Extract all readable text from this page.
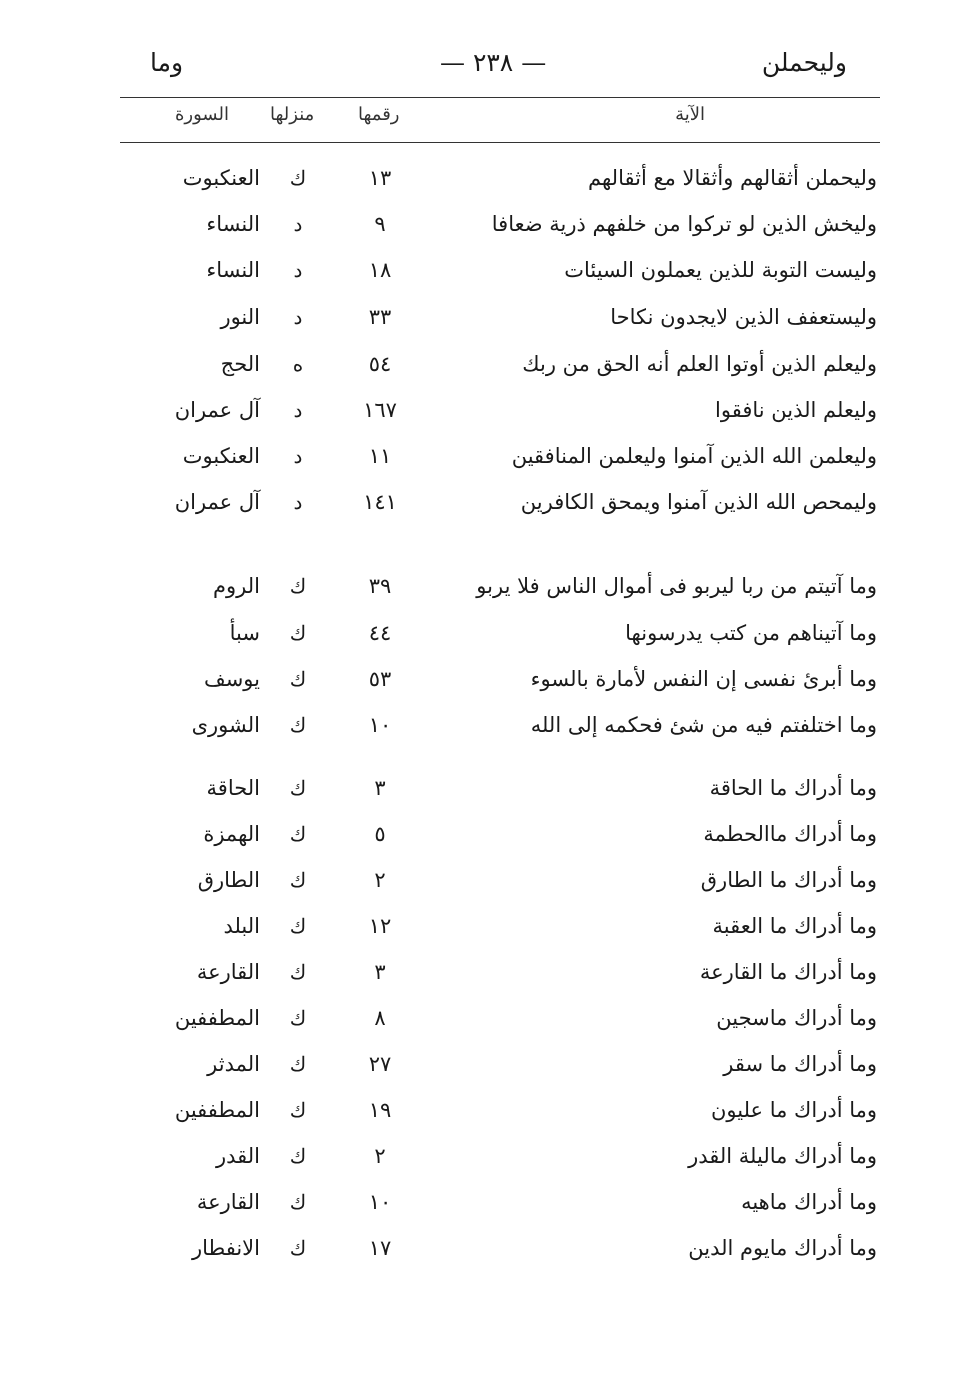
وليحملن
— ٢٣٨ —
وما
الآية
رقمها
منزلها
السورة
وليحملن أثقالهم وأثقالا مع أثقالهم
١٣
ك
العنكبوت
وليخش الذين لو تركوا من خلفهم ذرية ضعافا
٩
د
النساء
وليست التوبة للذين يعملون السيئات
١٨
د
النساء
وليستعفف الذين لايجدون نكاحا
٣٣
د
النور
وليعلم الذين أوتوا العلم أنه الحق من ربك
٥٤
ه
الحج
وليعلم الذين نافقوا
١٦٧
د
آل عمران
وليعلمن الله الذين آمنوا وليعلمن المنافقين
١١
د
العنكبوت
وليمحص الله الذين آمنوا ويمحق الكافرين
١٤١
د
آل عمران
وما آتيتم من ربا ليربو فى أموال الناس فلا يربو
٣٩
ك
الروم
وما آتيناهم من كتب يدرسونها
٤٤
ك
سبأ
وما أبرئ نفسى إن النفس لأمارة بالسوء
٥٣
ك
يوسف
وما اختلفتم فيه من شئ فحكمه إلى الله
١٠
ك
الشورى
وما أدراك ما الحاقة
٣
ك
الحاقة
وما أدراك ماالحطمة
٥
ك
الهمزة
وما أدراك ما الطارق
٢
ك
الطارق
وما أدراك ما العقبة
١٢
ك
البلد
وما أدراك ما القارعة
٣
ك
القارعة
وما أدراك ماسجين
٨
ك
المطففين
وما أدراك ما سقر
٢٧
ك
المدثر
وما أدراك ما عليون
١٩
ك
المطففين
وما أدراك ماليلة القدر
٢
ك
القدر
وما أدراك ماهيه
١٠
ك
القارعة
وما أدراك مايوم الدين
١٧
ك
الانفطار
